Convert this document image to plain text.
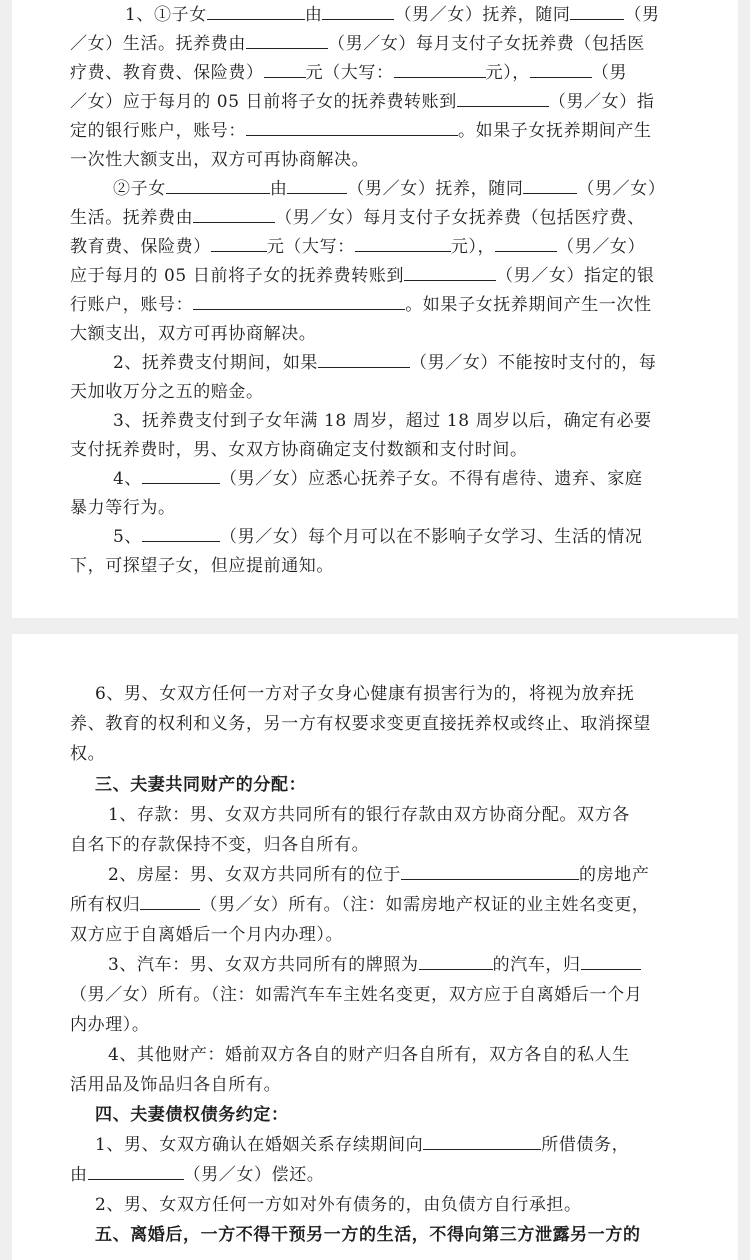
1、①子女	由	（男／女）抚养，随同	（男
／女）生活。抚养费由	（男／女）每月支付子女抚养费（包括医
疗费、教育费、保险费） 元（大写：	元），	（男
／女）应于每月的 05 日前将子女的抚养费转账到	（男／女）指
定的银行账户，账号：	。如果子女抚养期间产生
一次性大额支出，双方可再协商解决。
②子女	由	（男／女）抚养，随同	（男／女）
生活。抚养费由	（男／女）每月支付子女抚养费（包括医疗费、
教育费、保险费）	元（大写：	元），	（男／女）
应于每月的 05 日前将子女的抚养费转账到	（男／女）指定的银
行账户，账号：	。如果子女抚养期间产生一次性
大额支出，双方可再协商解决。
2、抚养费支付期间，如果	（男／女）不能按时支付的，每
天加收万分之五的赔金。
3、抚养费支付到子女年满 18 周岁，超过 18 周岁以后，确定有必要
支付抚养费时，男、女双方协商确定支付数额和支付时间。
4、	（男／女）应悉心抚养子女。不得有虐待、遗弃、家庭
暴力等行为。
5、	（男／女）每个月可以在不影响子女学习、生活的情况
下，可探望子女，但应提前通知。
6、男、女双方任何一方对子女身心健康有损害行为的，将视为放弃抚
养、教育的权利和义务，另一方有权要求变更直接抚养权或终止、取消探望
权。
三、夫妻共同财产的分配：
1、存款：男、女双方共同所有的银行存款由双方协商分配。双方各
自名下的存款保持不变，归各自所有。
2、房屋：男、女双方共同所有的位于	的房地产
所有权归	（男／女）所有。（注：如需房地产权证的业主姓名变更，
双方应于自离婚后一个月内办理）。
3、汽车：男、女双方共同所有的牌照为	的汽车，归
（男／女）所有。（注：如需汽车车主姓名变更，双方应于自离婚后一个月
内办理）。
4、其他财产：婚前双方各自的财产归各自所有，双方各自的私人生
活用品及饰品归各自所有。
四、夫妻债权债务约定：
1、男、女双方确认在婚姻关系存续期间向	所借债务，
由	（男／女）偿还。
2、男、女双方任何一方如对外有债务的，由负债方自行承担。
五、离婚后，一方不得干预另一方的生活，不得向第三方泄露另一方的
